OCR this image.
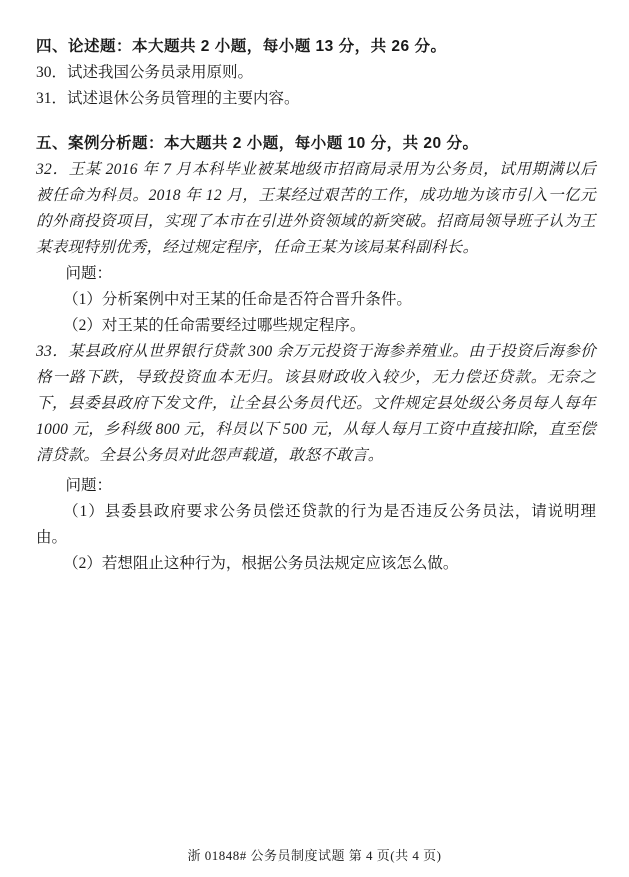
四、论述题：本大题共 2 小题，每小题 13 分，共 26 分。

30．试述我国公务员录用原则。

31．试述退休公务员管理的主要内容。

五、案例分析题：本大题共 2 小题，每小题 10 分，共 20 分。

32．王某 2016 年 7 月本科毕业被某地级市招商局录用为公务员，试用期满以后被任命为科员。2018 年 12 月，王某经过艰苦的工作，成功地为该市引入一亿元的外商投资项目，实现了本市在引进外资领域的新突破。招商局领导班子认为王某表现特别优秀，经过规定程序，任命王某为该局某科副科长。

问题：

（1）分析案例中对王某的任命是否符合晋升条件。

（2）对王某的任命需要经过哪些规定程序。

33．某县政府从世界银行贷款 300 余万元投资于海参养殖业。由于投资后海参价格一路下跌，导致投资血本无归。该县财政收入较少，无力偿还贷款。无奈之下，县委县政府下发文件，让全县公务员代还。文件规定县处级公务员每人每年 1000 元，乡科级 800 元，科员以下 500 元，从每人每月工资中直接扣除，直至偿清贷款。全县公务员对此怨声载道，敢怒不敢言。

问题：

（1）县委县政府要求公务员偿还贷款的行为是否违反公务员法，请说明理由。

（2）若想阻止这种行为，根据公务员法规定应该怎么做。

浙 01848# 公务员制度试题 第 4 页(共 4 页)
